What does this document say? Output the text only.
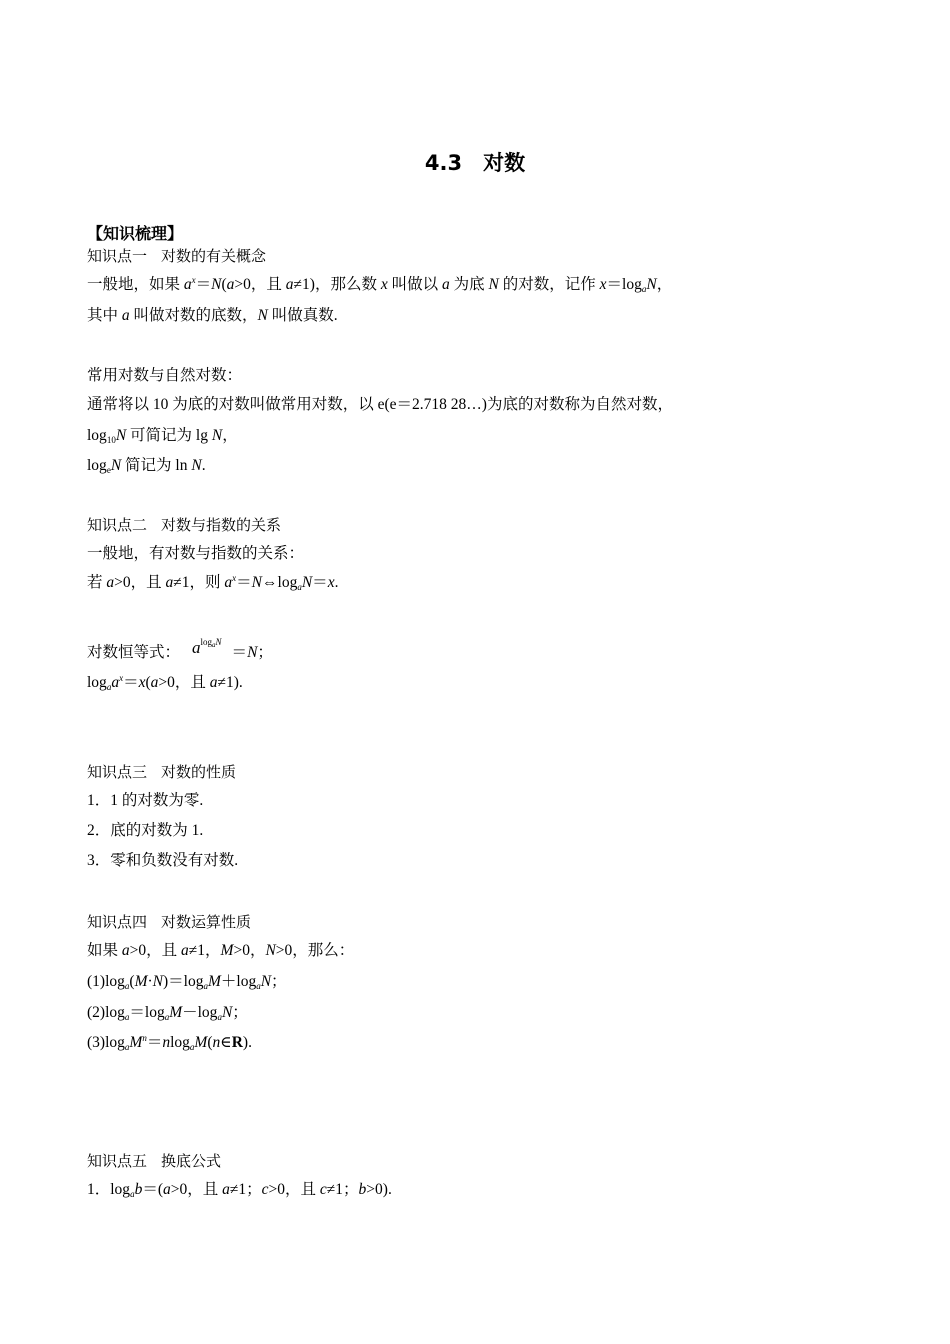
4.3　对数
【知识梳理】
知识点一 对数的有关概念
一般地，如果 $a^x=N(a>0$，且 a≠1)，那么数 x 叫做以 a 为底 N 的对数，记作 $x=\log_aN$，
其中 a 叫做对数的底数，N 叫做真数.
常用对数与自然对数：
通常将以 10 为底的对数叫做常用对数，以 e(e＝2.718 28…)为底的对数称为自然对数，
$\log_{10}N$ 可简记为 lg N，
$\log_eN$ 简记为 ln N.
知识点二 对数与指数的关系
一般地，有对数与指数的关系：
若 a>0，且 a≠1，则 $a^x=N\Leftrightarrow\log_aN=x$.
对数恒等式： $a^{log_aN}=N$；
$\log_aa^x=x(a>0$，且 a≠1).
知识点三 对数的性质
1．1 的对数为零.
2．底的对数为 1.
3．零和负数没有对数.
知识点四 对数运算性质
如果 a>0，且 a≠1，M>0，N>0，那么：
$(1)\log_a(M\cdot N)=\log_aM+\log_aN$；
$(2)\log_a=\log_aM-\log_aN$；
$(3)\log_aM^n=nlog_aM(n\in R)$.
知识点五 换底公式
1．$\log_ab=(a>0$，且 a≠1；c>0，且 c≠1；b>0).
